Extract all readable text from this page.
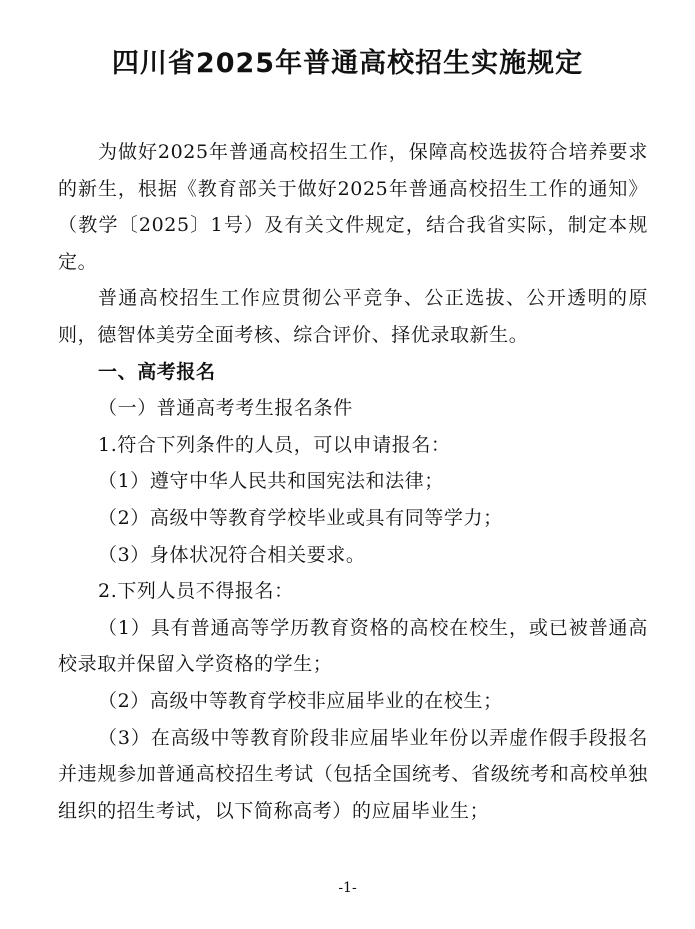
四川省2025年普通高校招生实施规定

为做好2025年普通高校招生工作，保障高校选拔符合培养要求的新生，根据《教育部关于做好2025年普通高校招生工作的通知》（教学〔2025〕1号）及有关文件规定，结合我省实际，制定本规定。

普通高校招生工作应贯彻公平竞争、公正选拔、公开透明的原则，德智体美劳全面考核、综合评价、择优录取新生。

一、高考报名

（一）普通高考考生报名条件

1.符合下列条件的人员，可以申请报名：

（1）遵守中华人民共和国宪法和法律；

（2）高级中等教育学校毕业或具有同等学力；

（3）身体状况符合相关要求。

2.下列人员不得报名：

（1）具有普通高等学历教育资格的高校在校生，或已被普通高校录取并保留入学资格的学生；

（2）高级中等教育学校非应届毕业的在校生；

（3）在高级中等教育阶段非应届毕业年份以弄虚作假手段报名并违规参加普通高校招生考试（包括全国统考、省级统考和高校单独组织的招生考试，以下简称高考）的应届毕业生；

-1-
